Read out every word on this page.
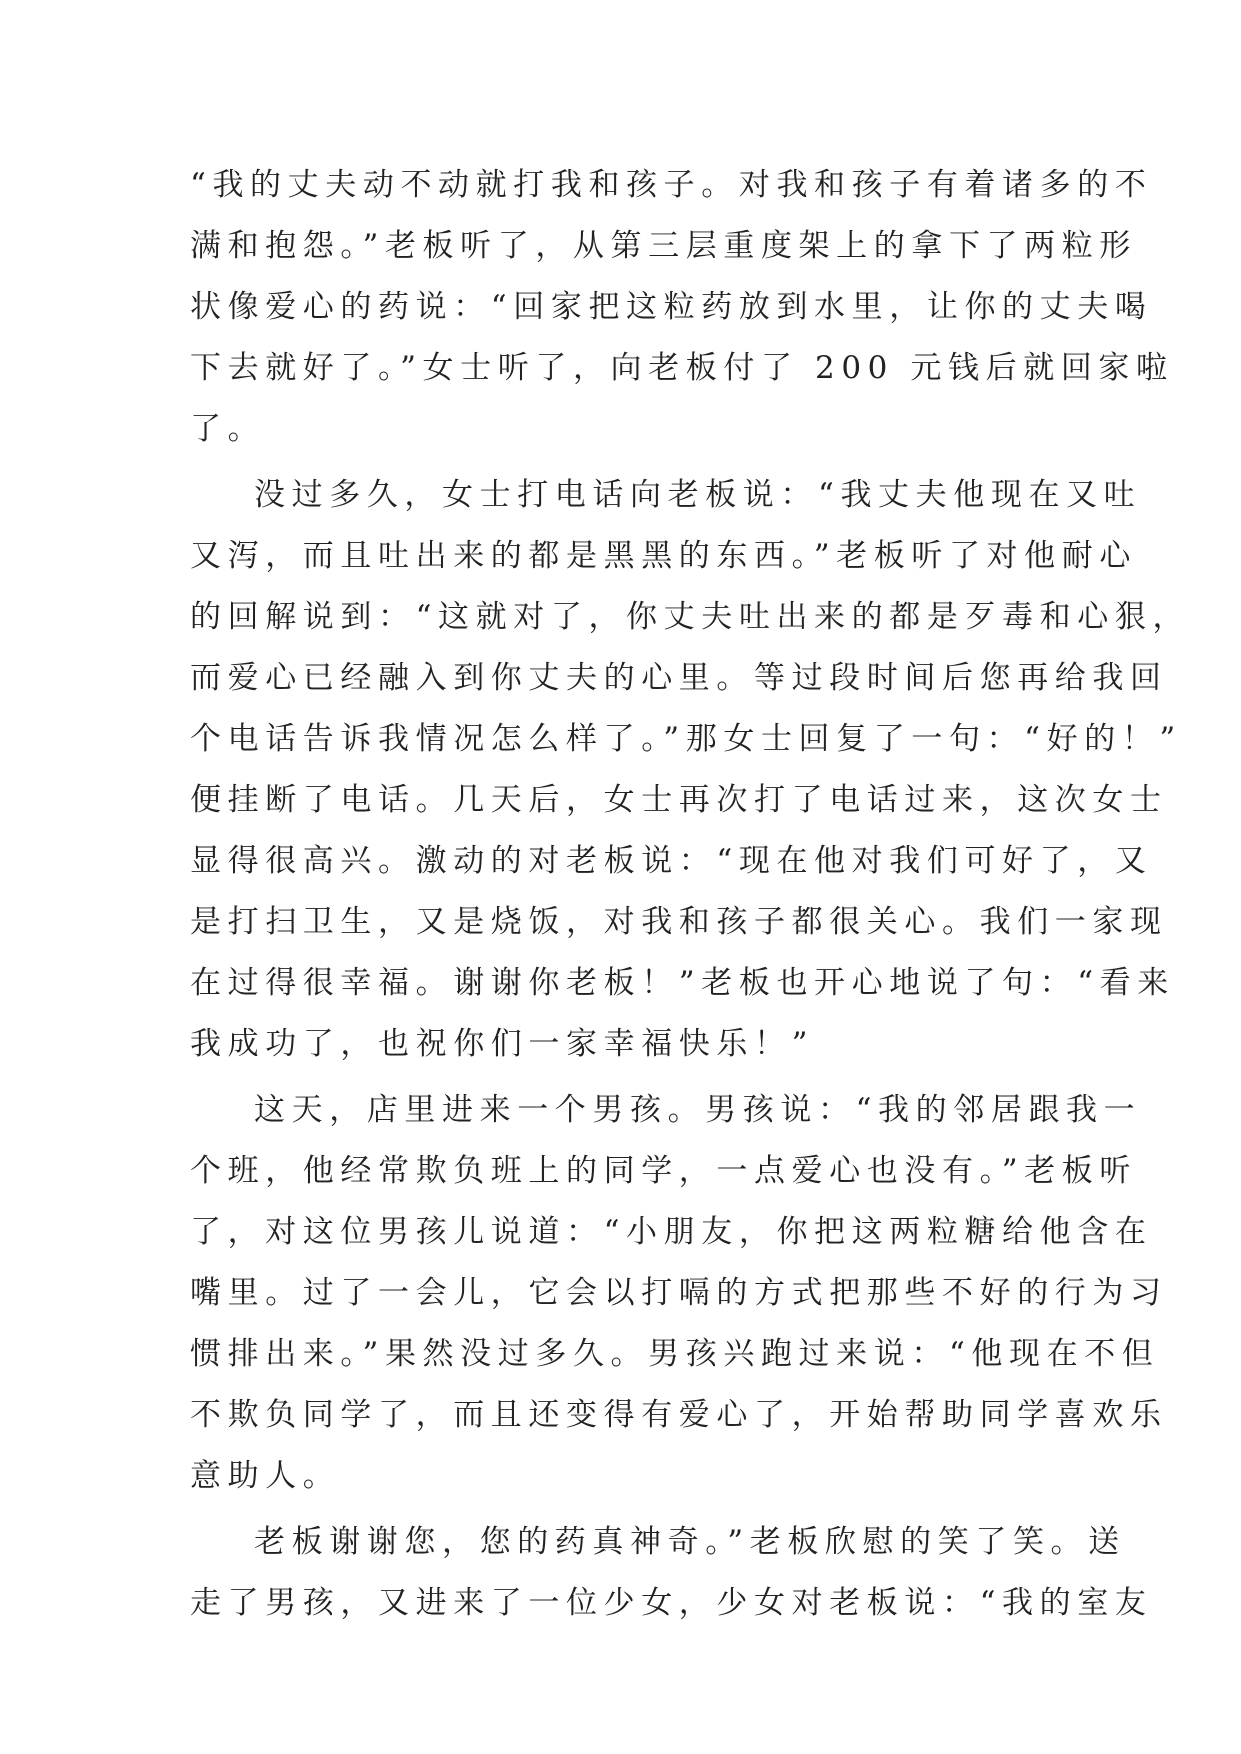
“我的丈夫动不动就打我和孩子。对我和孩子有着诸多的不
满和抱怨。”老板听了，从第三层重度架上的拿下了两粒形
状像爱心的药说：“回家把这粒药放到水里，让你的丈夫喝
下去就好了。”女士听了，向老板付了 200 元钱后就回家啦
了。
没过多久，女士打电话向老板说：“我丈夫他现在又吐
又泻，而且吐出来的都是黑黑的东西。”老板听了对他耐心
的回解说到：“这就对了，你丈夫吐出来的都是歹毒和心狠，
而爱心已经融入到你丈夫的心里。等过段时间后您再给我回
个电话告诉我情况怎么样了。”那女士回复了一句：“好的！”
便挂断了电话。几天后，女士再次打了电话过来，这次女士
显得很高兴。激动的对老板说：“现在他对我们可好了，又
是打扫卫生，又是烧饭，对我和孩子都很关心。我们一家现
在过得很幸福。谢谢你老板！”老板也开心地说了句：“看来
我成功了，也祝你们一家幸福快乐！”
这天，店里进来一个男孩。男孩说：“我的邻居跟我一
个班，他经常欺负班上的同学，一点爱心也没有。”老板听
了，对这位男孩儿说道：“小朋友，你把这两粒糖给他含在
嘴里。过了一会儿，它会以打嗝的方式把那些不好的行为习
惯排出来。”果然没过多久。男孩兴跑过来说：“他现在不但
不欺负同学了，而且还变得有爱心了，开始帮助同学喜欢乐
意助人。
老板谢谢您，您的药真神奇。”老板欣慰的笑了笑。送
走了男孩，又进来了一位少女，少女对老板说：“我的室友
